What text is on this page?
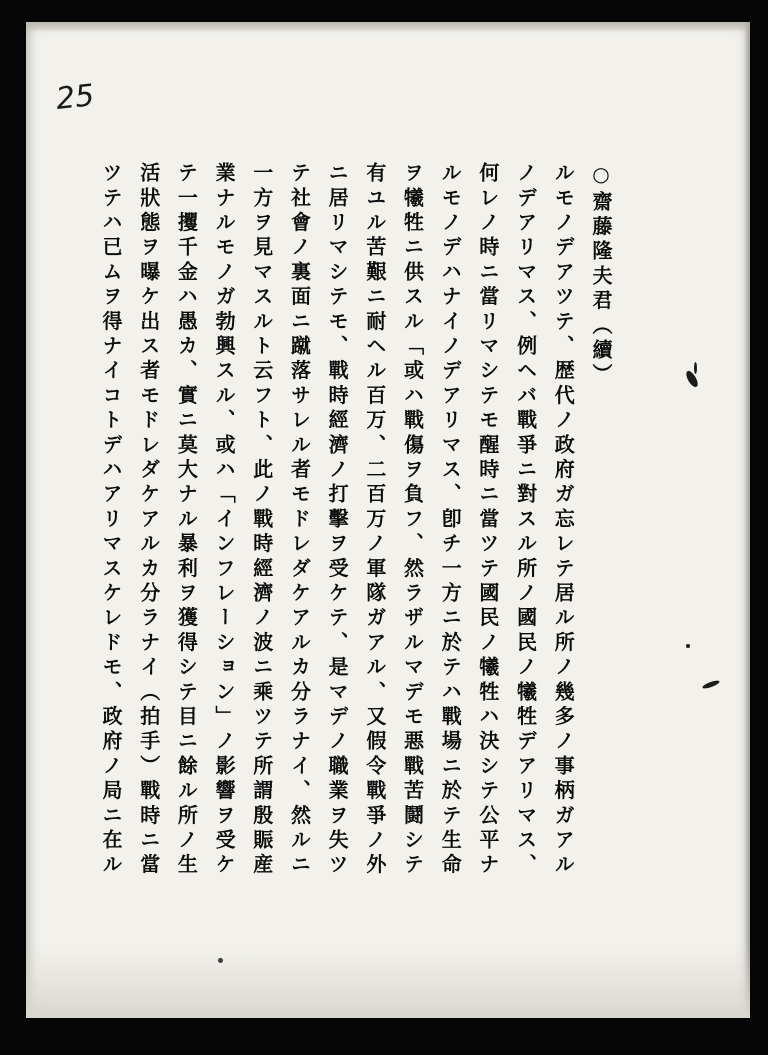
25
○齋藤隆夫君（續）
ルモノデアツテ、歴代ノ政府ガ忘レテ居ル所ノ幾多ノ事柄ガアル
ノデアリマス、例ヘバ戰爭ニ對スル所ノ國民ノ犧牲デアリマス、
何レノ時ニ當リマシテモ醒時ニ當ツテ國民ノ犧牲ハ決シテ公平ナ
ルモノデハナイノデアリマス、卽チ一方ニ於テハ戰場ニ於テ生命
ヲ犧牲ニ供スル「或ハ戰傷ヲ負フ、然ラザルマデモ悪戰苦鬪シテ
有ユル苦艱ニ耐ヘル百万、二百万ノ軍隊ガアル、又假令戰爭ノ外
ニ居リマシテモ、戰時經濟ノ打擊ヲ受ケテ、是マデノ職業ヲ失ツ
テ社會ノ裏面ニ蹴落サレル者モドレダケアルカ分ラナイ、然ルニ
一方ヲ見マスルト云フト、此ノ戰時經濟ノ波ニ乘ツテ所謂殷賑産
業ナルモノガ勃興スル、或ハ「インフレーション」ノ影響ヲ受ケ
テ一攫千金ハ愚カ、實ニ莫大ナル暴利ヲ獲得シテ目ニ餘ル所ノ生
活狀態ヲ曝ケ出ス者モドレダケアルカ分ラナイ（拍手）戰時ニ當
ツテハ已ムヲ得ナイコトデハアリマスケレドモ、政府ノ局ニ在ル
